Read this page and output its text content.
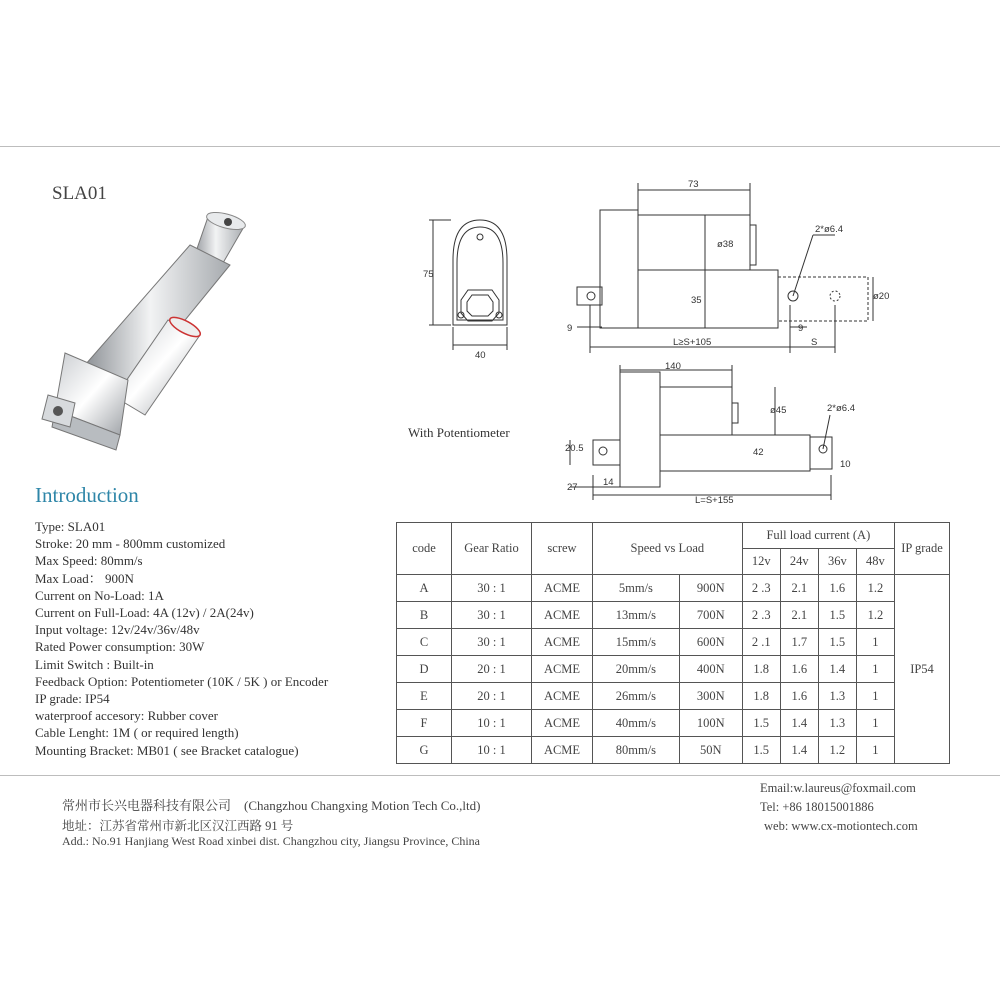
SLA01	73
75
40
ø38
35	ø20
2*ø6.4
9	9
S
L≥S+105
140
ø45	2*ø6.4
20.5	42
10
27	14
L=S+155
With Potentiometer
Introduction
Type: SLA01
Stroke: 20 mm - 800mm customized
Max Speed: 80mm/s
Max Load： 900N
Current on No-Load: 1A
Current on Full-Load: 4A (12v) / 2A(24v)
Input voltage: 12v/24v/36v/48v
Rated Power consumption: 30W
Limit Switch : Built-in
Feedback Option: Potentiometer (10K / 5K ) or Encoder
IP grade: IP54
waterproof accesory: Rubber cover
Cable Lenght: 1M ( or required length)
Mounting Bracket: MB01 ( see Bracket catalogue)
code	Gear Ratio	screw	Speed vs Load		Full load current (A)				IP grade
					12v	24v	36v	48v	
A	30 : 1	ACME	5mm/s	900N	2 .3	2.1	1.6	1.2	IP54
B	30 : 1	ACME	13mm/s	700N	2 .3	2.1	1.5	1.2	
C	30 : 1	ACME	15mm/s	600N	2 .1	1.7	1.5	1	
D	20 : 1	ACME	20mm/s	400N	1.8	1.6	1.4	1	
E	20 : 1	ACME	26mm/s	300N	1.8	1.6	1.3	1	
F	10 : 1	ACME	40mm/s	100N	1.5	1.4	1.3	1	
G	10 : 1	ACME	80mm/s	50N	1.5	1.4	1.2	1	
常州市长兴电器科技有限公司　(Changzhou Changxing Motion Tech Co.,ltd)
地址：江苏省常州市新北区汉江西路 91 号
Add.: No.91 Hanjiang West Road xinbei dist. Changzhou city, Jiangsu Province, China
Email:w.laureus@foxmail.com
Tel: +86 18015001886
web: www.cx-motiontech.com
